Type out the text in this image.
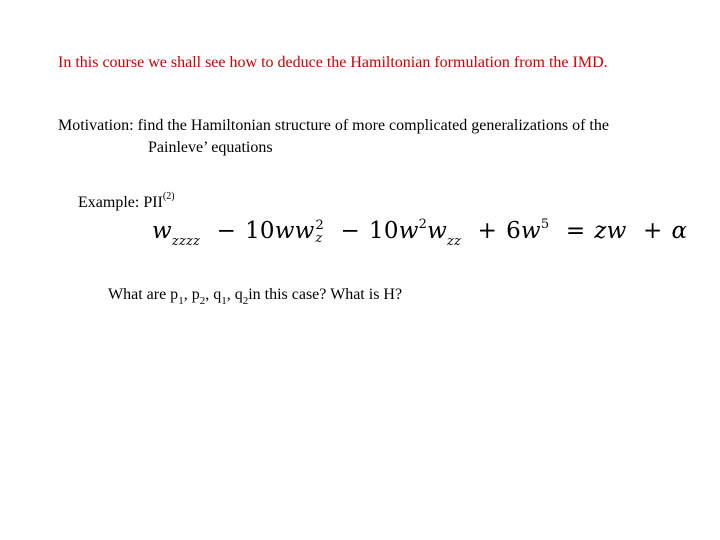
In this course we shall see how to deduce the Hamiltonian formulation from the IMD.
Motivation: find the Hamiltonian structure of more complicated generalizations of the
Painleve’ equations
Example: PII$^{(2)}$
$w_{zzzz} - 10ww$ 2
$z - 10w^2w_{zz} + 6w^5$ = zw + α
What are $p_1$, $p_2$, $q_1$, $q_2in$ this case? What is H?
